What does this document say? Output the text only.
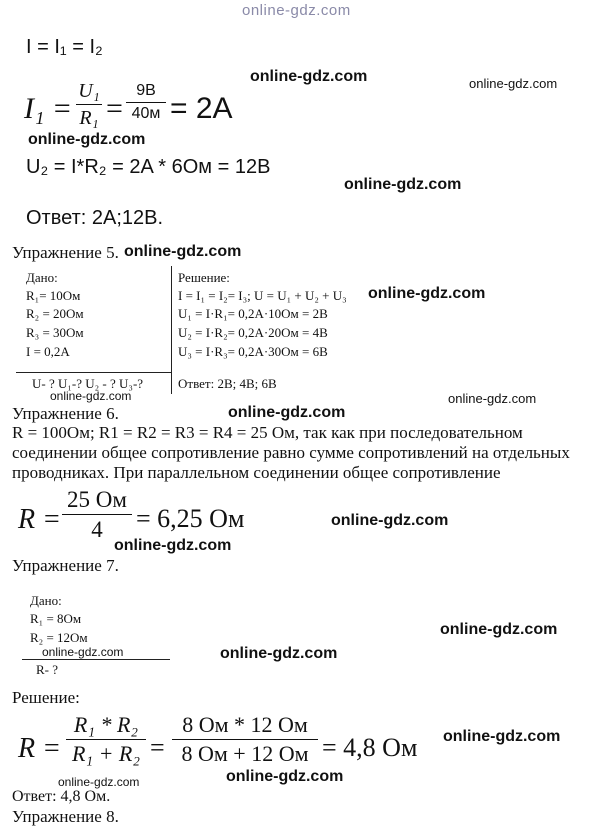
online-gdz.com
I = I₁ = I₂
I₁ =
U₁
R₁ =
9B
40м = 2A
online-gdz.com	online-gdz.com
online-gdz.com
U₂ = I*R₂ = 2A * 6Ом = 12B
online-gdz.com
Ответ: 2A;12B.
Упражнение 5. online-gdz.com
Дано:
R₁= 10Ом
R₂ = 20Ом
R₃ = 30Ом
I = 0,2A
U- ? U₁-? U₂ - ? U₃-?
online-gdz.com
Решение:
I = I₁ = I₂= I₃; U = U₁ + U₂ + U₃
U₁ = I·R₁= 0,2A·10Ом = 2B
U₂ = I·R₂= 0,2A·20Ом = 4B
U₃ = I·R₃= 0,2A·30Ом = 6B
Ответ: 2B; 4B; 6B
online-gdz.com
online-gdz.com
Упражнение 6.	online-gdz.com
R = 100Ом; R1 = R2 = R3 = R4 = 25 Ом, так как при последовательном
соединении общее сопротивление равно сумме сопротивлений на отдельных
проводниках. При параллельном соединении общее сопротивление
R =
25 Ом
4	= 6,25 Ом	online-gdz.com
online-gdz.com
Упражнение 7.
Дано:
R₁ = 8Ом
R₂ = 12Ом
online-gdz.com
R- ?
online-gdz.com
online-gdz.com
Решение:
R =
R₁ * R₂
R₁ + R₂ =
8 Ом * 12 Ом
8 Ом + 12 Ом = 4,8 Ом online-gdz.com
online-gdz.com
online-gdz.com
Ответ: 4,8 Ом.
Упражнение 8.
